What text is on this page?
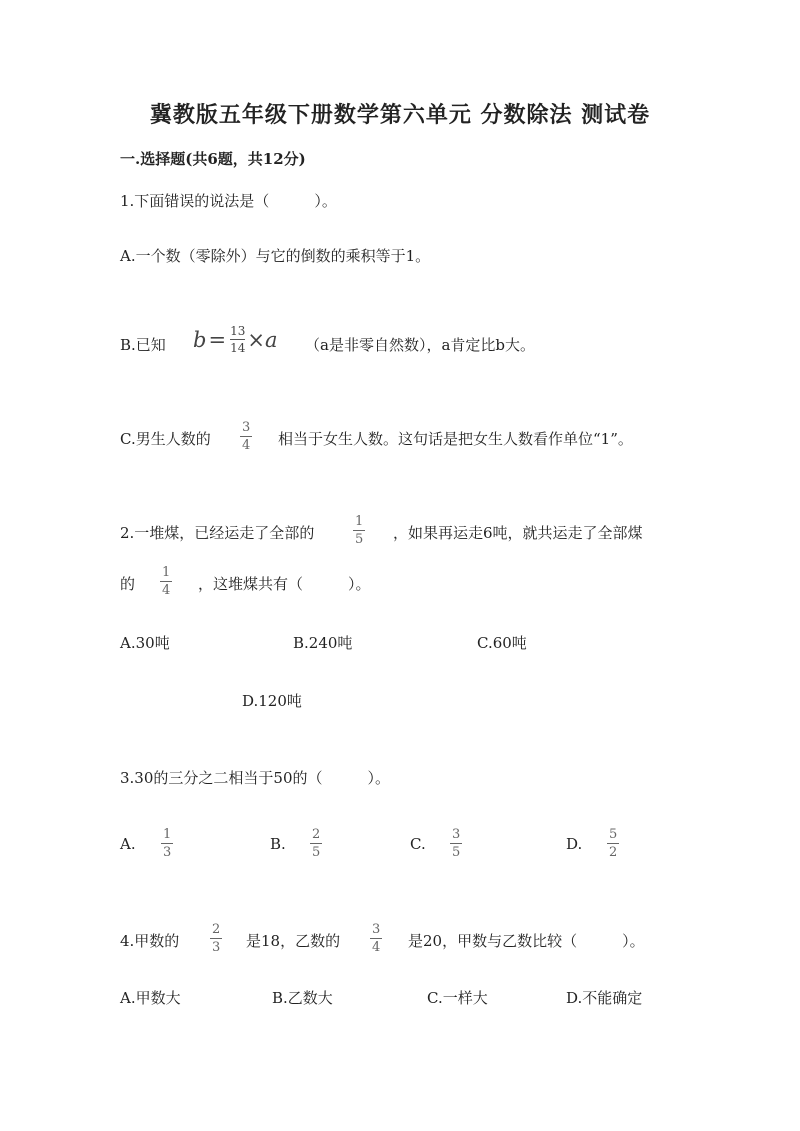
冀教版五年级下册数学第六单元 分数除法 测试卷
一.选择题(共6题，共12分)
1.下面错误的说法是（　　　）。
A.一个数（零除外）与它的倒数的乘积等于1。
B.已知 b = 13
14 ×a （a是非零自然数），a肯定比b大。
C.男生人数的
3
4 相当于女生人数。这句话是把女生人数看作单位“1”。
2.一堆煤，已经运走了全部的
1
5 ，如果再运走6吨，就共运走了全部煤
的
1
4 ，这堆煤共有（　　　）。
A.30吨	B.240吨	C.60吨
D.120吨
3.30的三分之二相当于50的（　　　）。
A.
1
3	B.
2
5	C.
3
5	D.
5
2
4.甲数的
2
3 是18，乙数的
3
4 是20，甲数与乙数比较（　　　）。
A.甲数大	B.乙数大	C.一样大	D.不能确定
